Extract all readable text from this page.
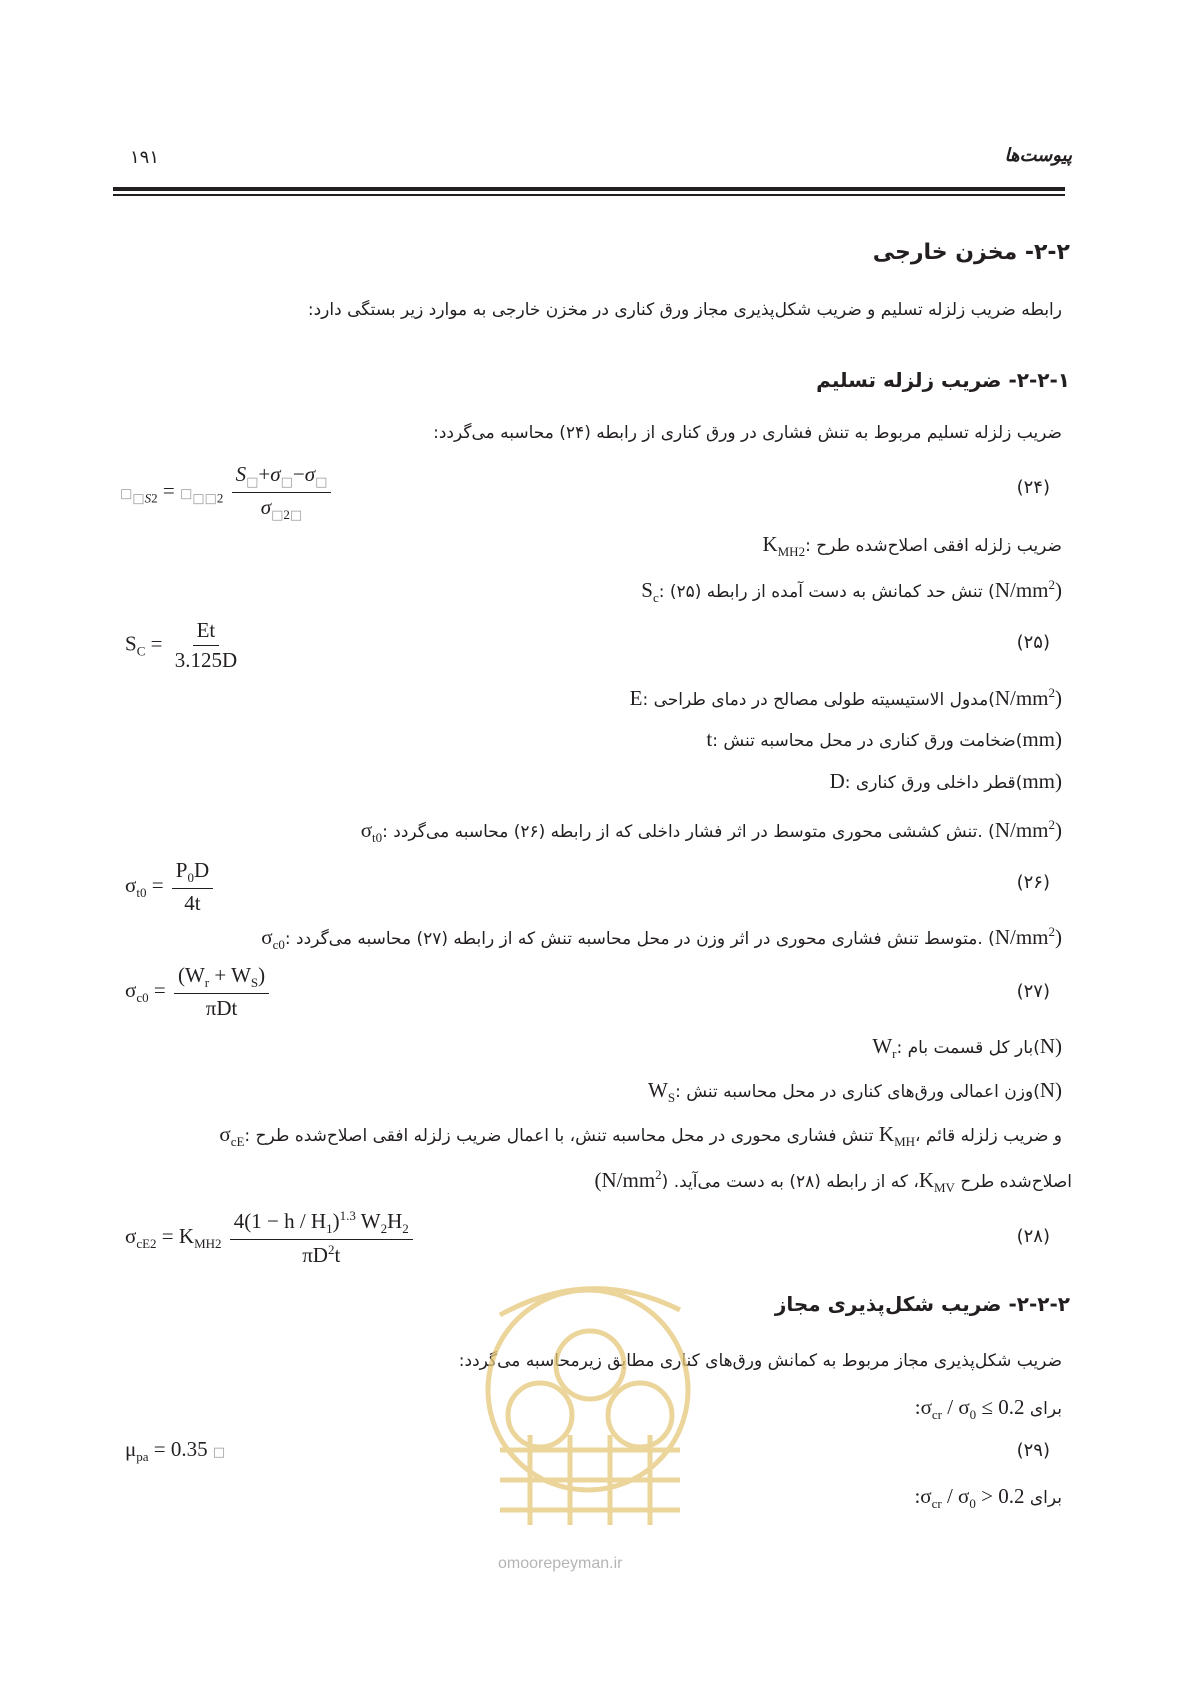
۱۹۱	پیوست‌ها
۲-۲- مخزن خارجی
رابطه ضریب زلزله تسلیم و ضریب شکل‌پذیری مجاز ورق کناری در مخزن خارجی به موارد زیر بستگی دارد:
۲-۲-۱- ضریب زلزله تسلیم
ضریب زلزله تسلیم مربوط به تنش فشاری در ورق کناری از رابطه (۲۴) محاسبه می‌گردد:
$□_{□S2}$ = $□_{□□2} \frac{S_□+\sigma_□-\sigma_□}{\sigma_{□2□}}$	(۲۴)
$K_{MH2}$: ضریب زلزله افقی اصلاح‌شده طرح
$S_c$: تنش حد کمانش به دست آمده از رابطه (۲۵) $(N/mm^2)$
$S_C = \frac{Et}{3.125D}$	(۲۵)
E: مدول الاستیسیته طولی مصالح در دمای $طراحی(N/mm^2)$
t: ضخامت ورق کناری در محل محاسبه تنش(mm)
D: قطر داخلی ورق کناری(mm)
$\sigma_{t0}$: تنش کششی محوری متوسط در اثر فشار داخلی که از رابطه (۲۶) محاسبه می‌گردد. $(N/mm^2)$
$\sigma_{t0} = \frac{P_0D}{4t}$	(۲۶)
$\sigma_{c0}$: متوسط تنش فشاری محوری در اثر وزن در محل محاسبه تنش که از رابطه (۲۷) محاسبه می‌گردد. $(N/mm^2)$
$\sigma_{c0} = \frac{(W_r + W_S)}{\text{πDt}}$	(۲۷)
$W_r$: بار کل قسمت بام(N)
$W_S$: وزن اعمالی ورق‌های کناری در محل محاسبه تنش(N)
$\sigma_{cE}$: تنش فشاری محوری در محل محاسبه تنش، با اعمال ضریب زلزله افقی اصلاح‌شده طرح $K_{MH}،$ و ضریب زلزله قائم
اصلاح‌شده طرح $K_{MV}،$ که از رابطه (۲۸) به دست می‌آید. $(N/mm^2)$
$\sigma_{cE2} = K_{MH2} \frac{4(1 - h / H_1)^{1.3} W_2H_2}{\pi D^2t}$	(۲۸)
۲-۲-۲- ضریب شکل‌پذیری مجاز
ضریب شکل‌پذیری مجاز مربوط به کمانش ورق‌های کناری مطابق زیرمحاسبه می‌گردد:
برای $:\sigma_{cr} / \sigma_0 \le 0.2$
$\mu_{pa} = 0.35$ □	(۲۹)
برای $:\sigma_{cr} / \sigma_0 > 0.2$
omoorepeyman.ir
